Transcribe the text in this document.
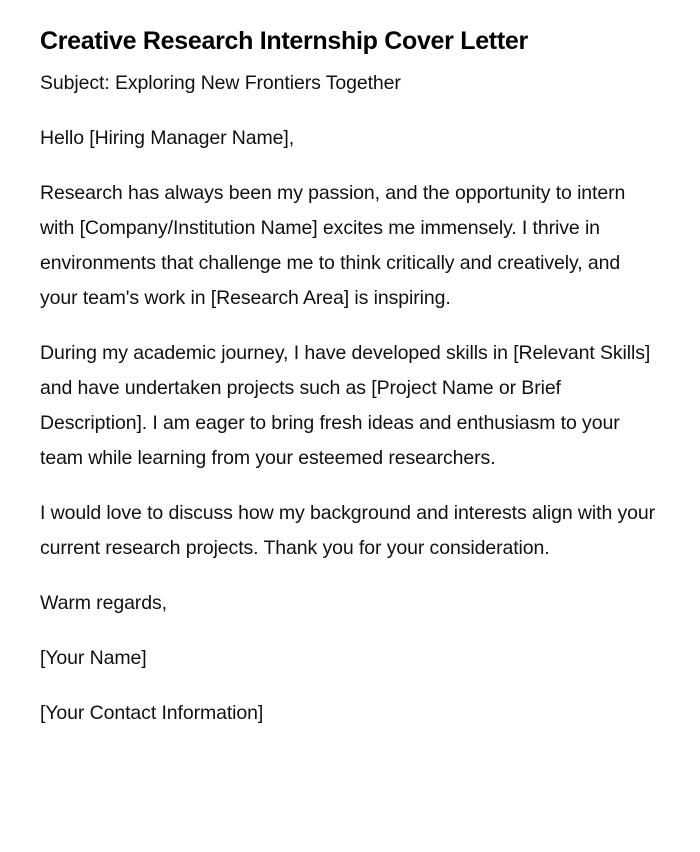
Creative Research Internship Cover Letter

Subject: Exploring New Frontiers Together

Hello [Hiring Manager Name],

Research has always been my passion, and the opportunity to intern with [Company/Institution Name] excites me immensely. I thrive in environments that challenge me to think critically and creatively, and your team's work in [Research Area] is inspiring.

During my academic journey, I have developed skills in [Relevant Skills] and have undertaken projects such as [Project Name or Brief Description]. I am eager to bring fresh ideas and enthusiasm to your team while learning from your esteemed researchers.

I would love to discuss how my background and interests align with your current research projects. Thank you for your consideration.

Warm regards,

[Your Name]

[Your Contact Information]
